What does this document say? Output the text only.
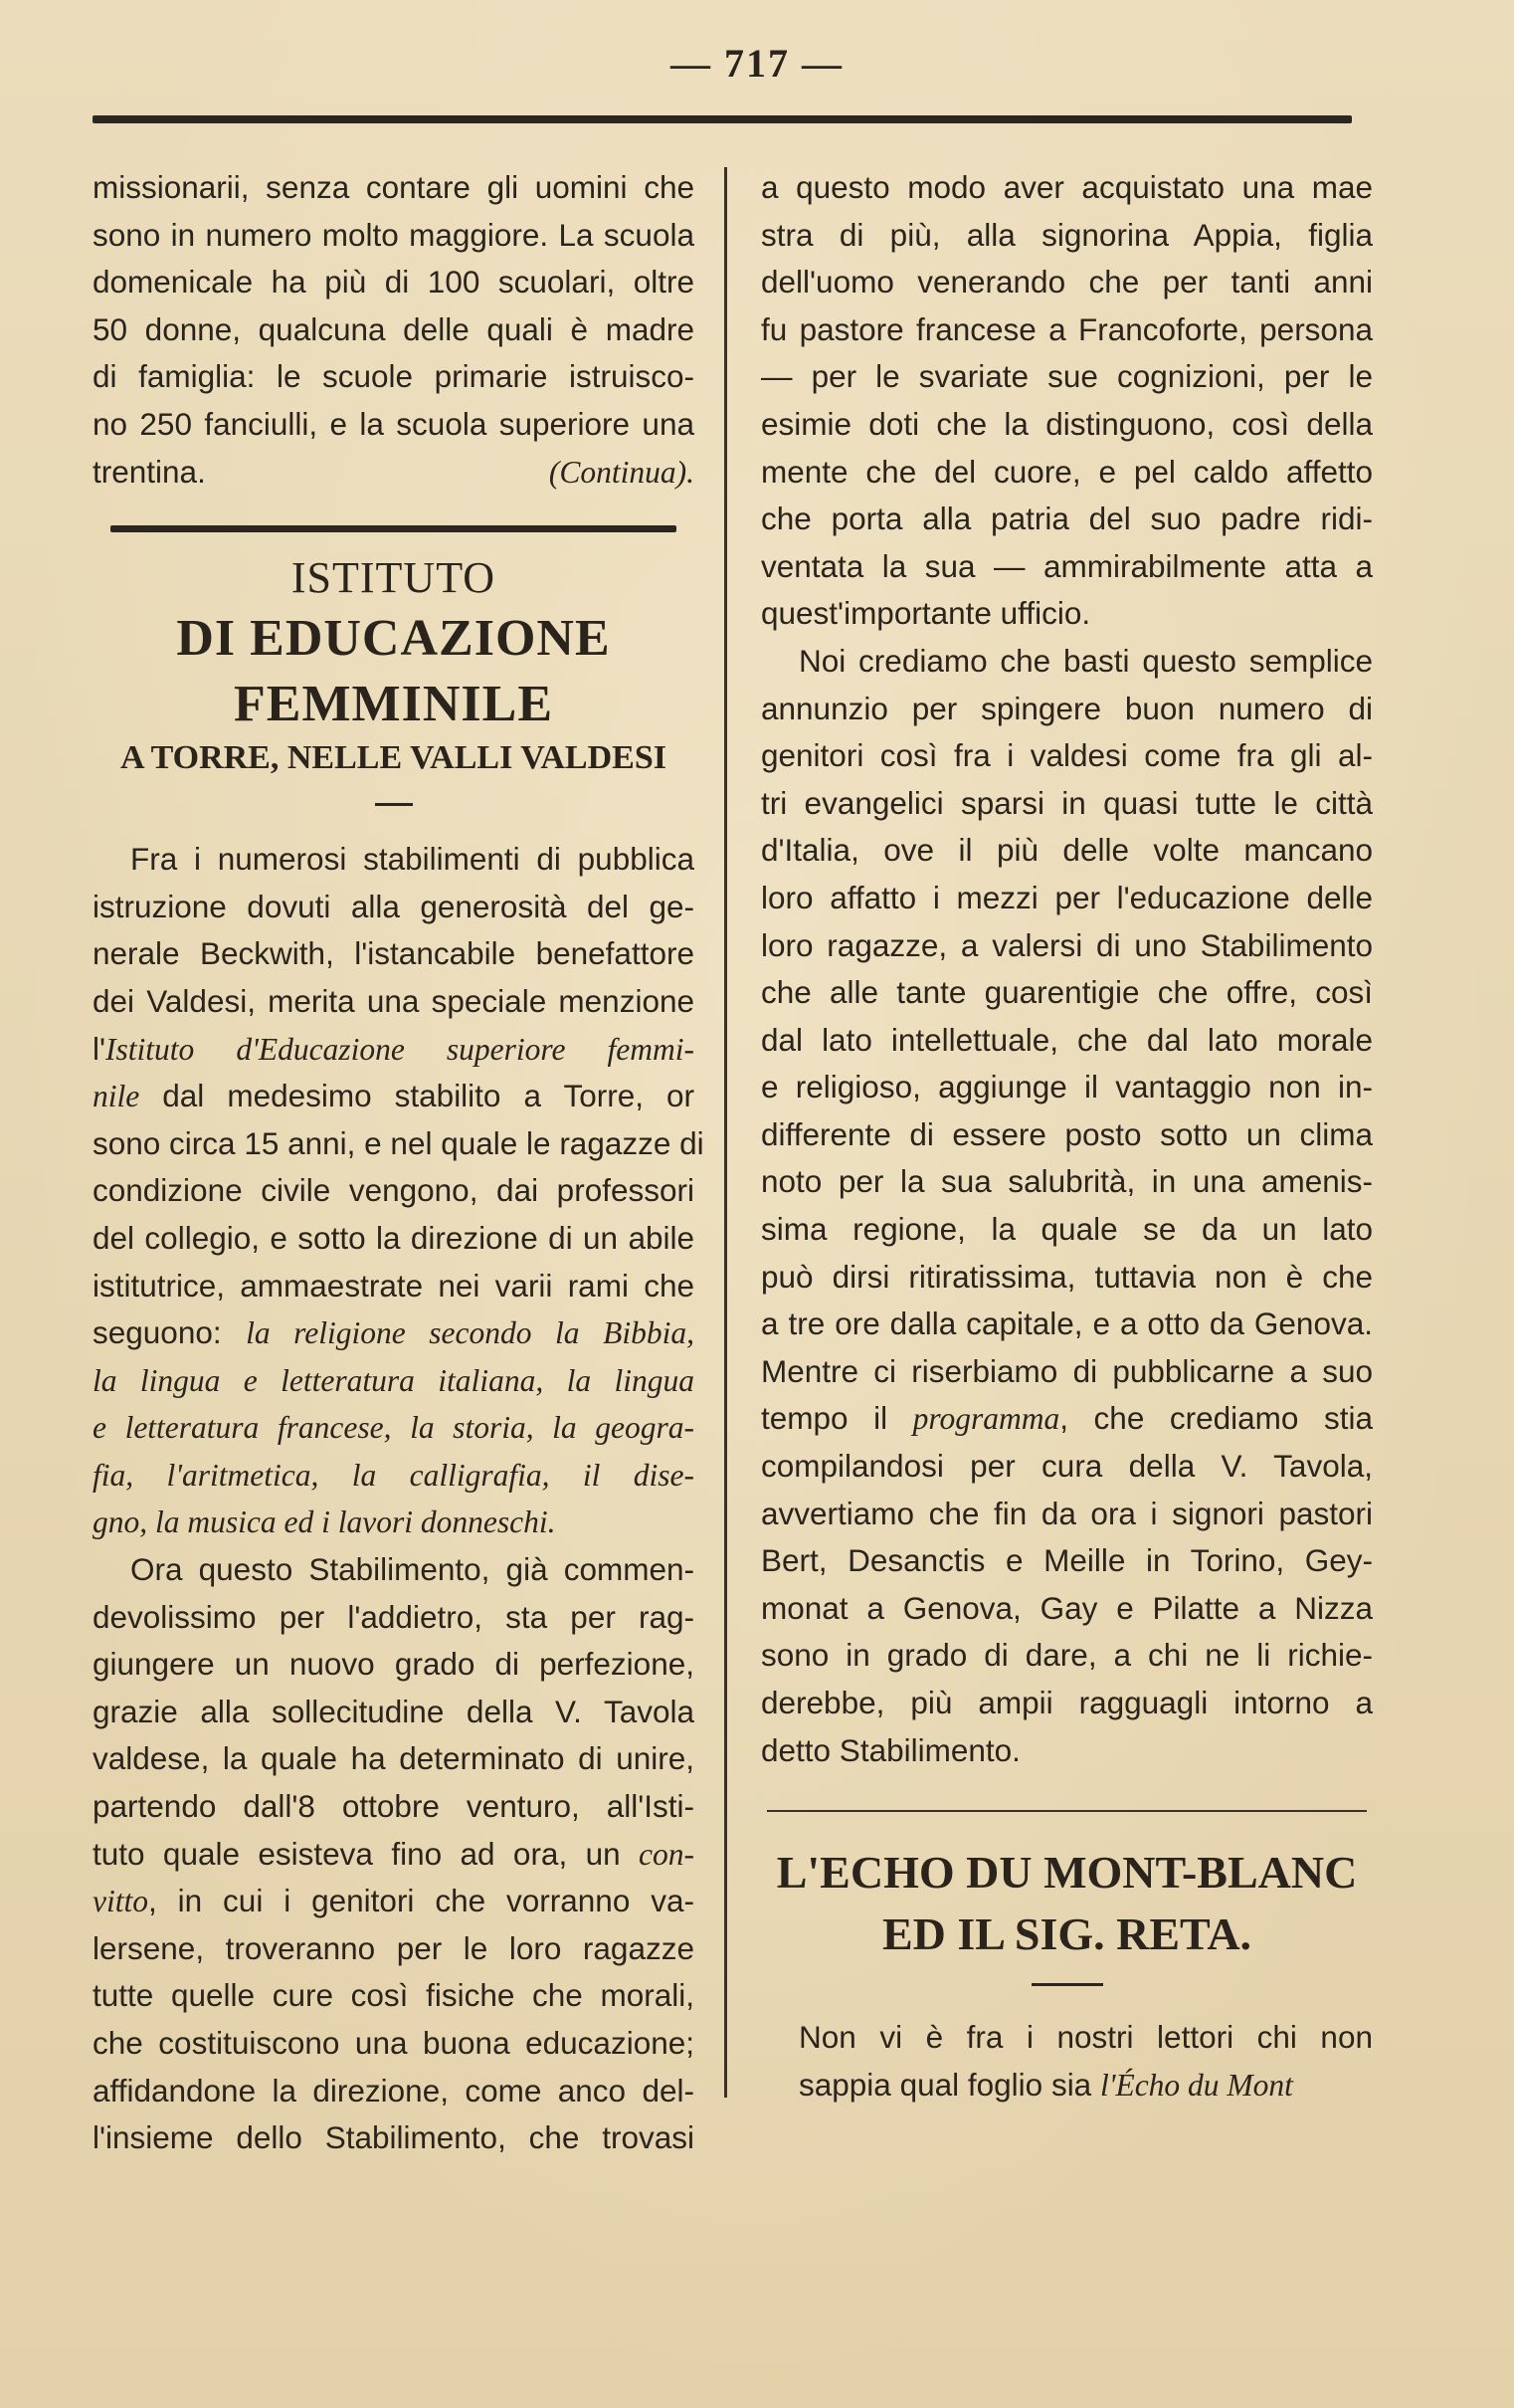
— 717 —
missionarii, senza contare gli uomini che
sono in numero molto maggiore. La scuola
domenicale ha più di 100 scuolari, oltre
50 donne, qualcuna delle quali è madre
di famiglia: le scuole primarie istruisco-
no 250 fanciulli, e la scuola superiore una
trentina.	(Continua).
ISTITUTO
DI EDUCAZIONE FEMMINILE
A TORRE, NELLE VALLI VALDESI
Fra i numerosi stabilimenti di pubblica
istruzione dovuti alla generosità del ge-
nerale Beckwith, l'istancabile benefattore
dei Valdesi, merita una speciale menzione
l'Istituto d'Educazione superiore femmi-
nile dal medesimo stabilito a Torre, or
sono circa 15 anni, e nel quale le ragazze di
condizione civile vengono, dai professori
del collegio, e sotto la direzione di un abile
istitutrice, ammaestrate nei varii rami che
seguono: la religione secondo la Bibbia,
la lingua e letteratura italiana, la lingua
e letteratura francese, la storia, la geogra-
fia, l'aritmetica, la calligrafia, il dise-
gno, la musica ed i lavori donneschi.
Ora questo Stabilimento, già commen-
devolissimo per l'addietro, sta per rag-
giungere un nuovo grado di perfezione,
grazie alla sollecitudine della V. Tavola
valdese, la quale ha determinato di unire,
partendo dall'8 ottobre venturo, all'Isti-
tuto quale esisteva fino ad ora, un con-
vitto, in cui i genitori che vorranno va-
lersene, troveranno per le loro ragazze
tutte quelle cure così fisiche che morali,
che costituiscono una buona educazione;
affidandone la direzione, come anco del-
l'insieme dello Stabilimento, che trovasi
a questo modo aver acquistato una mae
stra di più, alla signorina Appia, figlia
dell'uomo venerando che per tanti anni
fu pastore francese a Francoforte, persona
— per le svariate sue cognizioni, per le
esimie doti che la distinguono, così della
mente che del cuore, e pel caldo affetto
che porta alla patria del suo padre ridi-
ventata la sua — ammirabilmente atta a
quest'importante ufficio.
Noi crediamo che basti questo semplice
annunzio per spingere buon numero di
genitori così fra i valdesi come fra gli al-
tri evangelici sparsi in quasi tutte le città
d'Italia, ove il più delle volte mancano
loro affatto i mezzi per l'educazione delle
loro ragazze, a valersi di uno Stabilimento
che alle tante guarentigie che offre, così
dal lato intellettuale, che dal lato morale
e religioso, aggiunge il vantaggio non in-
differente di essere posto sotto un clima
noto per la sua salubrità, in una amenis-
sima regione, la quale se da un lato
può dirsi ritiratissima, tuttavia non è che
a tre ore dalla capitale, e a otto da Genova.
Mentre ci riserbiamo di pubblicarne a suo
tempo il programma, che crediamo stia
compilandosi per cura della V. Tavola,
avvertiamo che fin da ora i signori pastori
Bert, Desanctis e Meille in Torino, Gey-
monat a Genova, Gay e Pilatte a Nizza
sono in grado di dare, a chi ne li richie-
derebbe, più ampii ragguagli intorno a
detto Stabilimento.
L'ECHO DU MONT-BLANC
ED IL SIG. RETA.
Non vi è fra i nostri lettori chi non
sappia qual foglio sia l'Écho du Mont
